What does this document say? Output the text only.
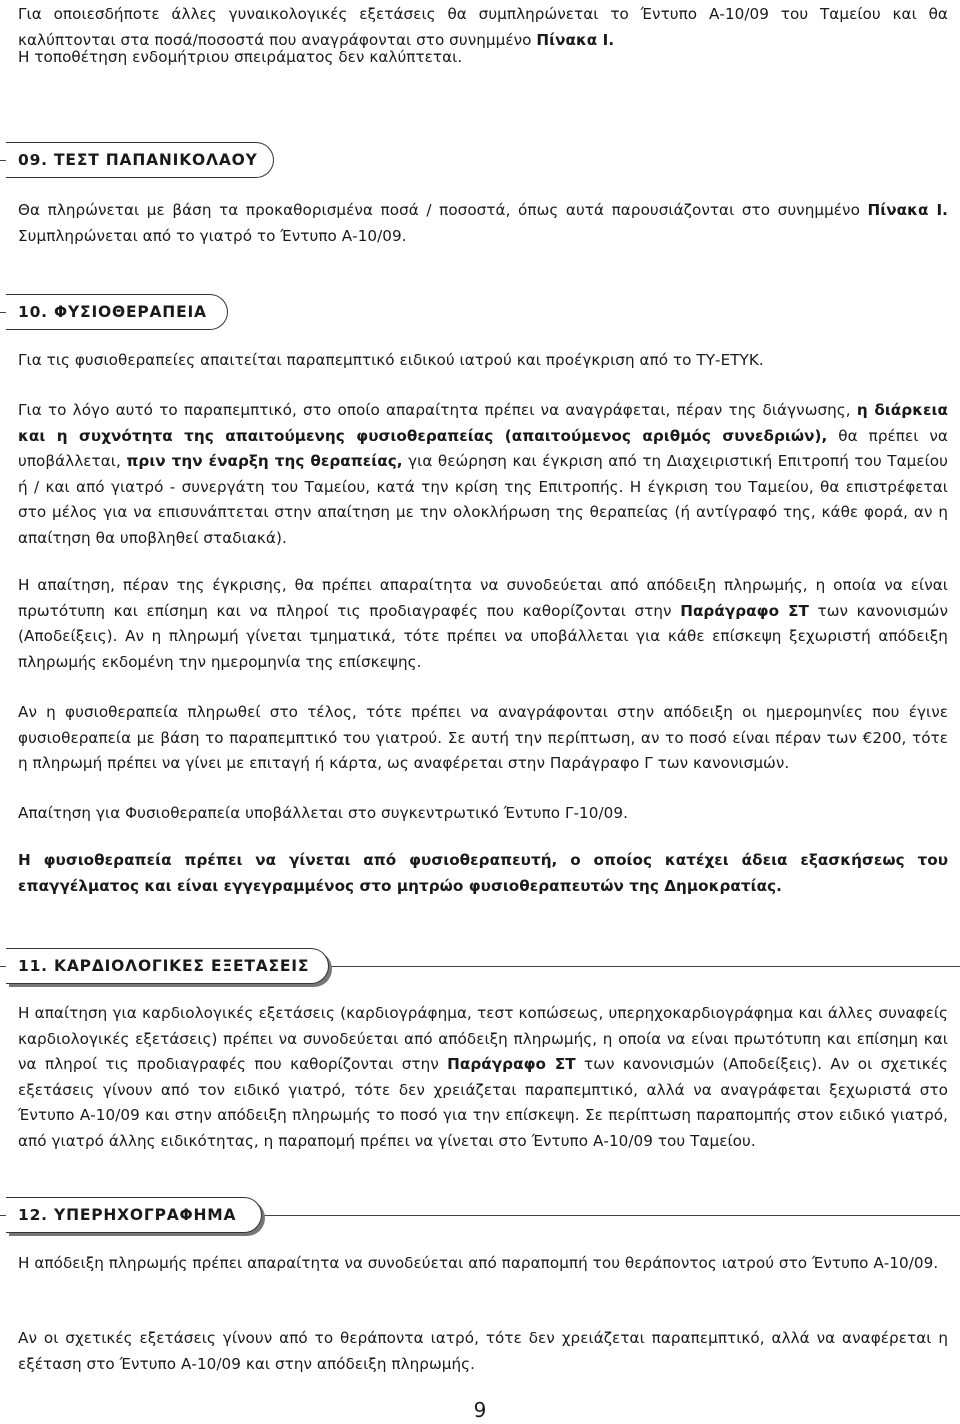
Για οποιεσδήποτε άλλες γυναικολογικές εξετάσεις θα συμπληρώνεται το Έντυπο Α-10/09 του Ταμείου και θα καλύπτονται στα ποσά/ποσοστά που αναγράφονται στο συνημμένο Πίνακα Ι.
Η τοποθέτηση ενδομήτριου σπειράματος δεν καλύπτεται.
09. ΤΕΣΤ ΠΑΠΑΝΙΚΟΛΑΟΥ
Θα πληρώνεται με βάση τα προκαθορισμένα ποσά / ποσοστά, όπως αυτά παρουσιάζονται στο συνημμένο Πίνακα Ι. Συμπληρώνεται από το γιατρό το Έντυπο Α-10/09.
10. ΦΥΣΙΟΘΕΡΑΠΕΙΑ
Για τις φυσιοθεραπείες απαιτείται παραπεμπτικό ειδικού ιατρού και προέγκριση από το ΤΥ-ΕΤΥΚ.
Για το λόγο αυτό το παραπεμπτικό, στο οποίο απαραίτητα πρέπει να αναγράφεται, πέραν της διάγνωσης, η διάρκεια και η συχνότητα της απαιτούμενης φυσιοθεραπείας (απαιτούμενος αριθμός συνεδριών), θα πρέπει να υποβάλλεται, πριν την έναρξη της θεραπείας, για θεώρηση και έγκριση από τη Διαχειριστική Επιτροπή του Ταμείου ή / και από γιατρό - συνεργάτη του Ταμείου, κατά την κρίση της Επιτροπής. Η έγκριση του Ταμείου, θα επιστρέφεται στο μέλος για να επισυνάπτεται στην απαίτηση με την ολοκλήρωση της θεραπείας (ή αντίγραφό της, κάθε φορά, αν η απαίτηση θα υποβληθεί σταδιακά).
Η απαίτηση, πέραν της έγκρισης, θα πρέπει απαραίτητα να συνοδεύεται από απόδειξη πληρωμής, η οποία να είναι πρωτότυπη και επίσημη και να πληροί τις προδιαγραφές που καθορίζονται στην Παράγραφο ΣΤ των κανονισμών (Αποδείξεις). Αν η πληρωμή γίνεται τμηματικά, τότε πρέπει να υποβάλλεται για κάθε επίσκεψη ξεχωριστή απόδειξη πληρωμής εκδομένη την ημερομηνία της επίσκεψης.
Αν η φυσιοθεραπεία πληρωθεί στο τέλος, τότε πρέπει να αναγράφονται στην απόδειξη οι ημερομηνίες που έγινε φυσιοθεραπεία με βάση το παραπεμπτικό του γιατρού. Σε αυτή την περίπτωση, αν το ποσό είναι πέραν των €200, τότε η πληρωμή πρέπει να γίνει με επιταγή ή κάρτα, ως αναφέρεται στην Παράγραφο Γ των κανονισμών.
Απαίτηση για Φυσιοθεραπεία υποβάλλεται στο συγκεντρωτικό Έντυπο Γ-10/09.
Η φυσιοθεραπεία πρέπει να γίνεται από φυσιοθεραπευτή, ο οποίος κατέχει άδεια εξασκήσεως του επαγγέλματος και είναι εγγεγραμμένος στο μητρώο φυσιοθεραπευτών της Δημοκρατίας.
11. ΚΑΡΔΙΟΛΟΓΙΚΕΣ ΕΞΕΤΑΣΕΙΣ
Η απαίτηση για καρδιολογικές εξετάσεις (καρδιογράφημα, τεστ κοπώσεως, υπερηχοκαρδιογράφημα και άλλες συναφείς καρδιολογικές εξετάσεις) πρέπει να συνοδεύεται από απόδειξη πληρωμής, η οποία να είναι πρωτότυπη και επίσημη και να πληροί τις προδιαγραφές που καθορίζονται στην Παράγραφο ΣΤ των κανονισμών (Αποδείξεις). Αν οι σχετικές εξετάσεις γίνουν από τον ειδικό γιατρό, τότε δεν χρειάζεται παραπεμπτικό, αλλά να αναγράφεται ξεχωριστά στο Έντυπο Α-10/09 και στην απόδειξη πληρωμής το ποσό για την επίσκεψη. Σε περίπτωση παραπομπής στον ειδικό γιατρό, από γιατρό άλλης ειδικότητας, η παραπομή πρέπει να γίνεται στο Έντυπο Α-10/09 του Ταμείου.
12. ΥΠΕΡΗΧΟΓΡΑΦΗΜΑ
Η απόδειξη πληρωμής πρέπει απαραίτητα να συνοδεύεται από παραπομπή του θεράποντος ιατρού στο Έντυπο Α-10/09.
Αν οι σχετικές εξετάσεις γίνουν από το θεράποντα ιατρό, τότε δεν χρειάζεται παραπεμπτικό, αλλά να αναφέρεται η εξέταση στο Έντυπο Α-10/09 και στην απόδειξη πληρωμής.
9
